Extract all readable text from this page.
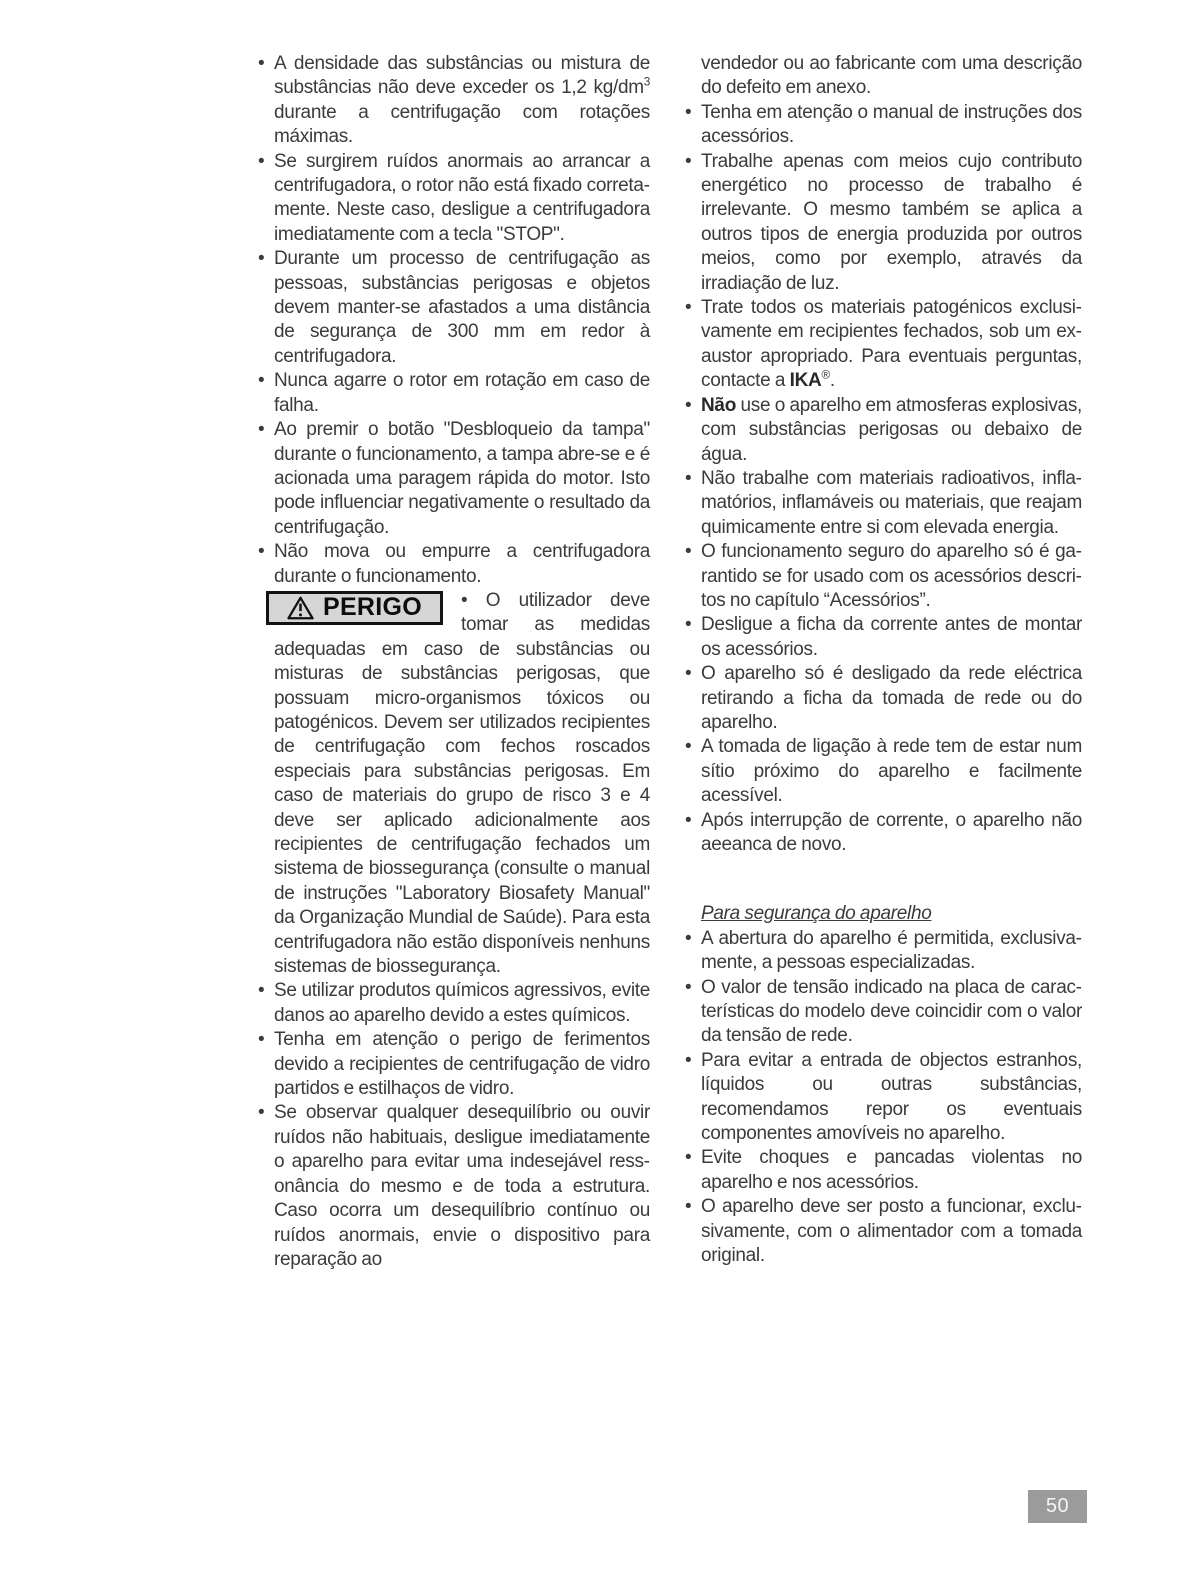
• A densidade das substâncias ou mistura de substâncias não deve exceder os 1,2 $kg/dm^3$ durante a centrifugação com rotações máximas.

• Se surgirem ruídos anormais ao arrancar a centrifugadora, o rotor não está fixado corretamente. Neste caso, desligue a centrifugadora imediatamente com a tecla "STOP".

• Durante um processo de centrifugação as pessoas, substâncias perigosas e objetos devem manter-se afastados a uma distância de segurança de 300 mm em redor à centrifugadora.

• Nunca agarre o rotor em rotação em caso de falha.

• Ao premir o botão "Desbloqueio da tampa" durante o funcionamento, a tampa abre-se e é acionada uma paragem rápida do motor. Isto pode influenciar negativamente o resultado da centrifugação.

• Não mova ou empurre a centrifugadora durante o funcionamento.

PERIGO • O utilizador deve tomar as medidas adequadas em caso de substâncias ou misturas de substâncias perigosas, que possuam micro-organismos tóxicos ou patogénicos. Devem ser utilizados recipientes de centrifugação com fechos roscados especiais para substâncias perigosas. Em caso de materiais do grupo de risco 3 e 4 deve ser aplicado adicionalmente aos recipientes de centrifugação fechados um sistema de biossegurança (consulte o manual de instruções "Laboratory Biosafety Manual" da Organização Mundial de Saúde). Para esta centrifugadora não estão disponíveis nenhuns sistemas de biossegurança.

• Se utilizar produtos químicos agressivos, evite danos ao aparelho devido a estes químicos.

• Tenha em atenção o perigo de ferimentos devido a recipientes de centrifugação de vidro partidos e estilhaços de vidro.

• Se observar qualquer desequilíbrio ou ouvir ruídos não habituais, desligue imediatamente o aparelho para evitar uma indesejável ressonância do mesmo e de toda a estrutura. Caso ocorra um desequilíbrio contínuo ou ruídos anormais, envie o dispositivo para reparação ao

vendedor ou ao fabricante com uma descrição do defeito em anexo.

• Tenha em atenção o manual de instruções dos acessórios.

• Trabalhe apenas com meios cujo contributo energético no processo de trabalho é irrelevante. O mesmo também se aplica a outros tipos de energia produzida por outros meios, como por exemplo, através da irradiação de luz.

• Trate todos os materiais patogénicos exclusivamente em recipientes fechados, sob um exaustor apropriado. Para eventuais perguntas, contacte a IKA®.

• Não use o aparelho em atmosferas explosivas, com substâncias perigosas ou debaixo de água.

• Não trabalhe com materiais radioativos, inflamatórios, inflamáveis ou materiais, que reajam quimicamente entre si com elevada energia.

• O funcionamento seguro do aparelho só é garantido se for usado com os acessórios descritos no capítulo “Acessórios”.

• Desligue a ficha da corrente antes de montar os acessórios.

• O aparelho só é desligado da rede eléctrica retirando a ficha da tomada de rede ou do aparelho.

• A tomada de ligação à rede tem de estar num sítio próximo do aparelho e facilmente acessível.

• Após interrupção de corrente, o aparelho não aeeanca de novo.

Para segurança do aparelho

• A abertura do aparelho é permitida, exclusivamente, a pessoas especializadas.

• O valor de tensão indicado na placa de características do modelo deve coincidir com o valor da tensão de rede.

• Para evitar a entrada de objectos estranhos, líquidos ou outras substâncias, recomendamos repor os eventuais componentes amovíveis no aparelho.

• Evite choques e pancadas violentas no aparelho e nos acessórios.

• O aparelho deve ser posto a funcionar, exclusivamente, com o alimentador com a tomada original.

50
